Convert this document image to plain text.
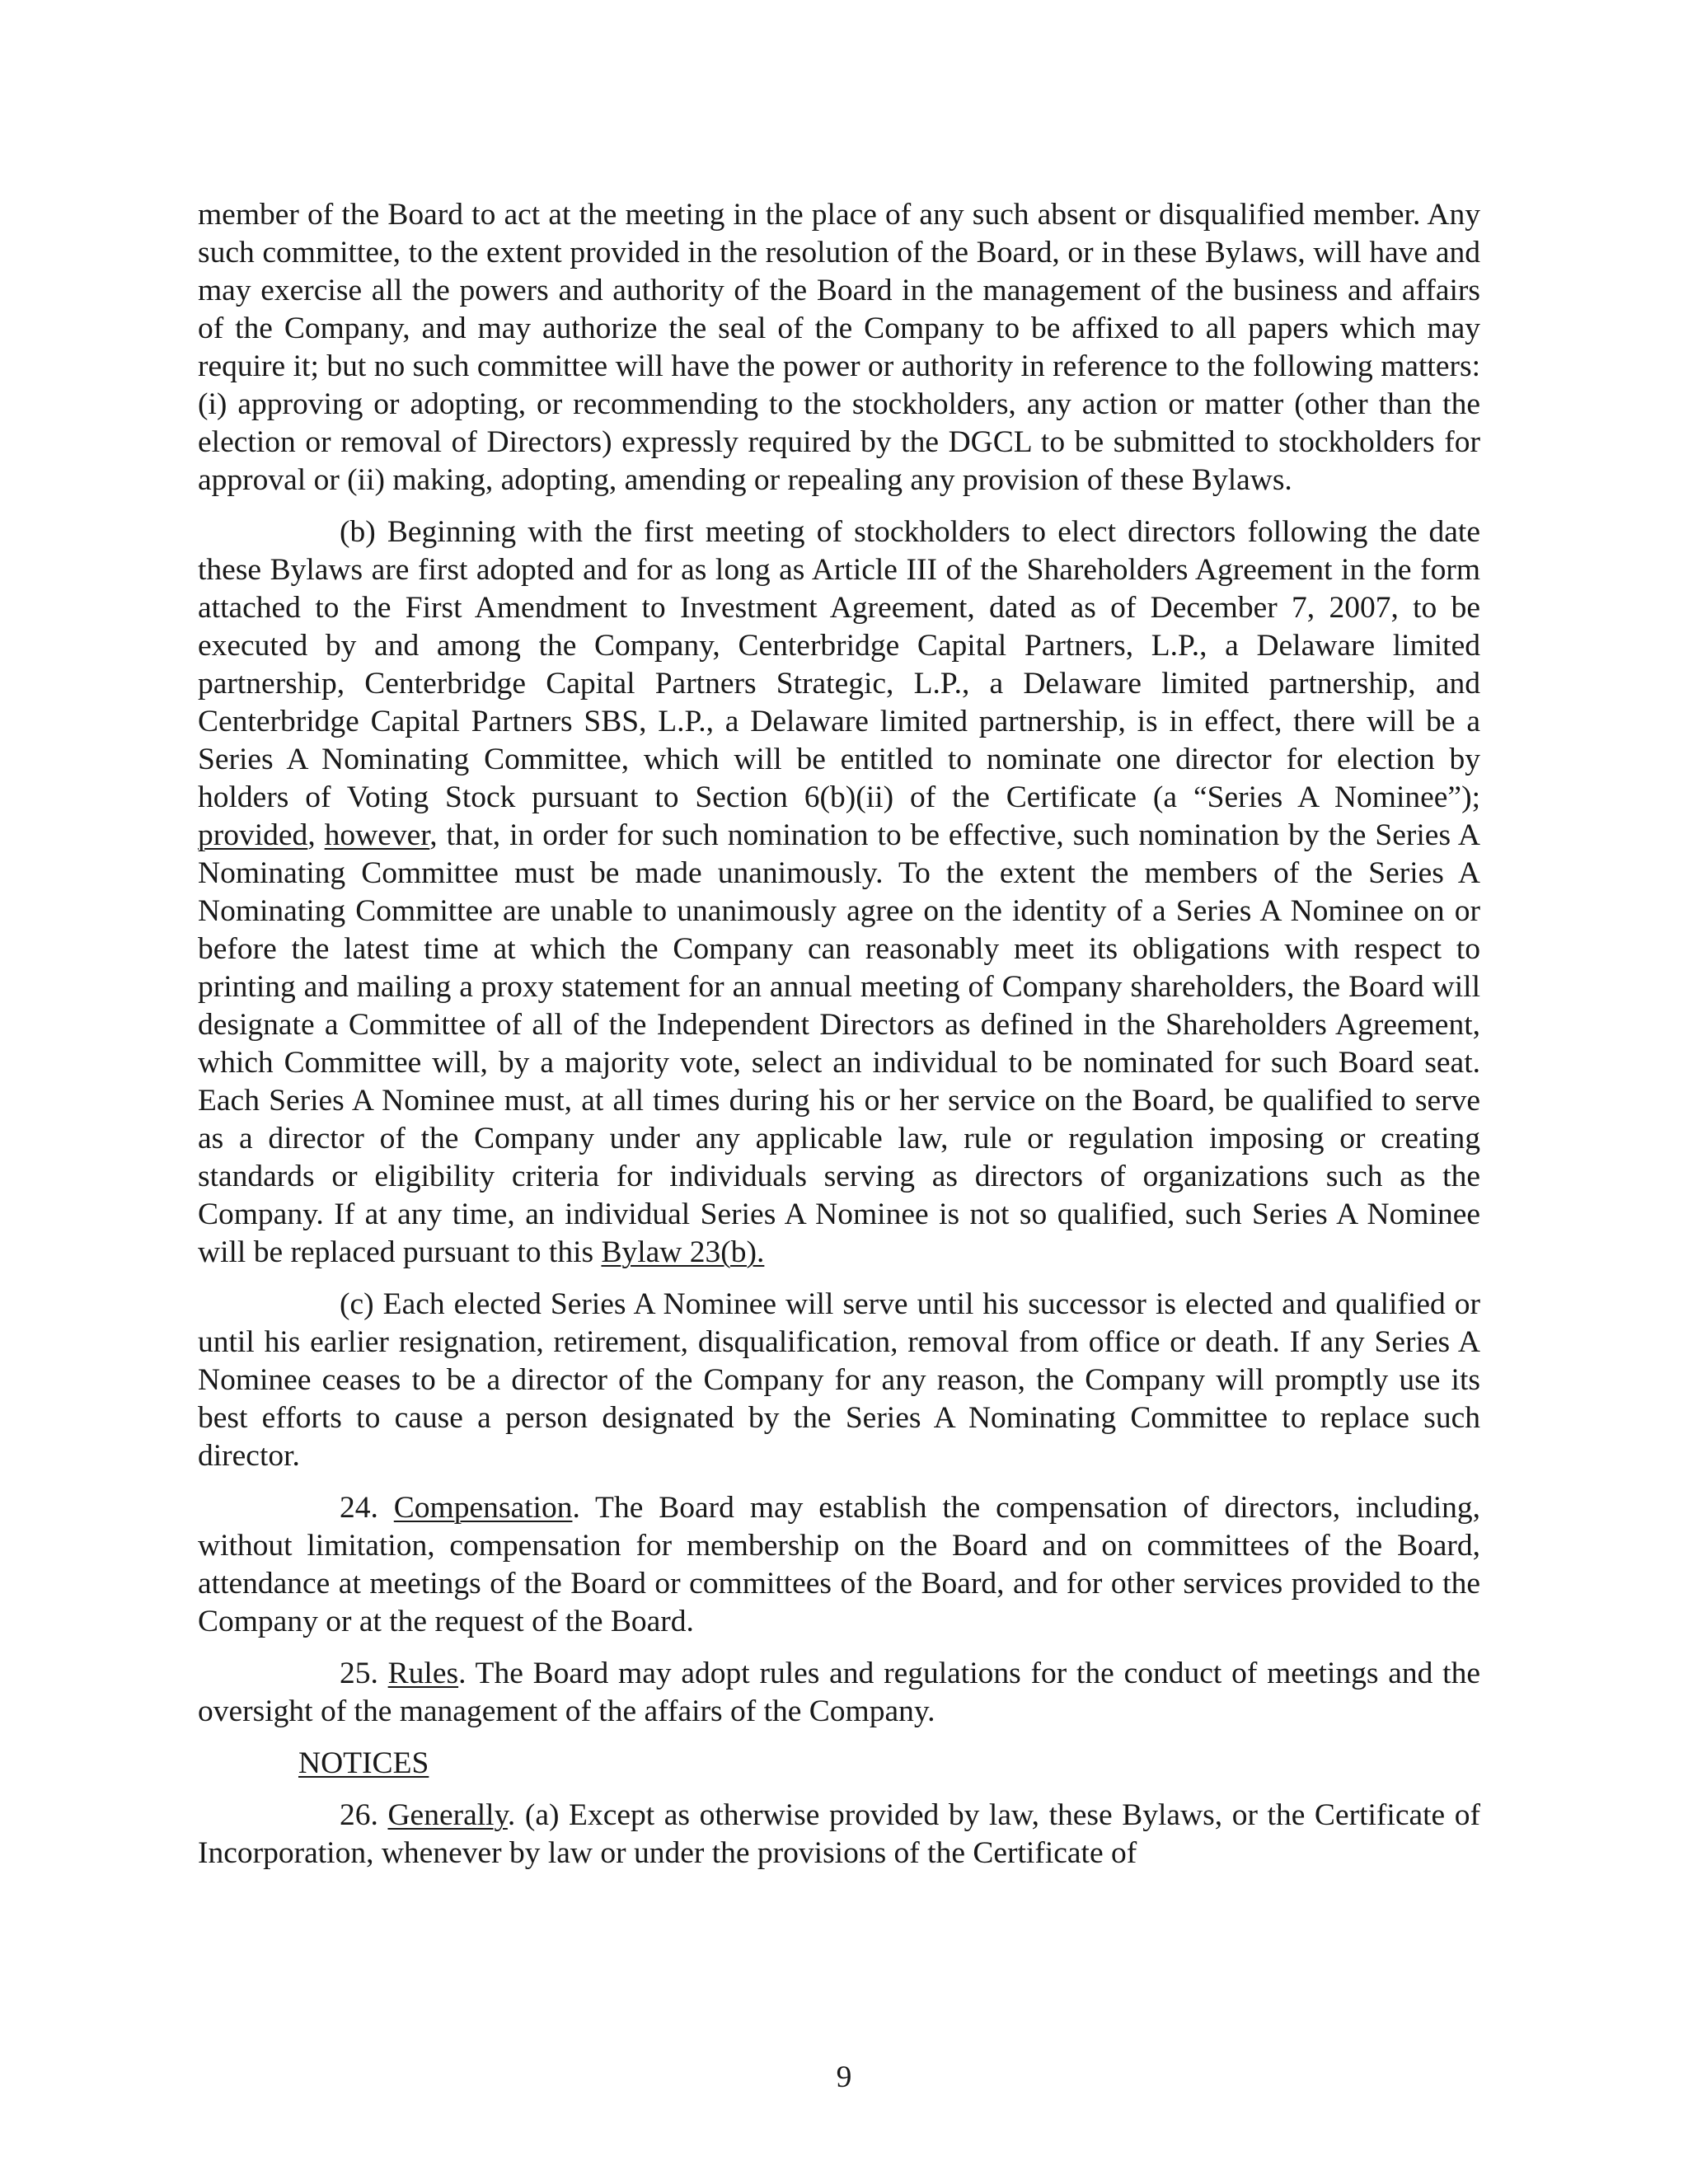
member of the Board to act at the meeting in the place of any such absent or disqualified member. Any such committee, to the extent provided in the resolution of the Board, or in these Bylaws, will have and may exercise all the powers and authority of the Board in the management of the business and affairs of the Company, and may authorize the seal of the Company to be affixed to all papers which may require it; but no such committee will have the power or authority in reference to the following matters: (i) approving or adopting, or recommending to the stockholders, any action or matter (other than the election or removal of Directors) expressly required by the DGCL to be submitted to stockholders for approval or (ii) making, adopting, amending or repealing any provision of these Bylaws.

(b) Beginning with the first meeting of stockholders to elect directors following the date these Bylaws are first adopted and for as long as Article III of the Shareholders Agreement in the form attached to the First Amendment to Investment Agreement, dated as of December 7, 2007, to be executed by and among the Company, Centerbridge Capital Partners, L.P., a Delaware limited partnership, Centerbridge Capital Partners Strategic, L.P., a Delaware limited partnership, and Centerbridge Capital Partners SBS, L.P., a Delaware limited partnership, is in effect, there will be a Series A Nominating Committee, which will be entitled to nominate one director for election by holders of Voting Stock pursuant to Section 6(b)(ii) of the Certificate (a “Series A Nominee”); provided, however, that, in order for such nomination to be effective, such nomination by the Series A Nominating Committee must be made unanimously. To the extent the members of the Series A Nominating Committee are unable to unanimously agree on the identity of a Series A Nominee on or before the latest time at which the Company can reasonably meet its obligations with respect to printing and mailing a proxy statement for an annual meeting of Company shareholders, the Board will designate a Committee of all of the Independent Directors as defined in the Shareholders Agreement, which Committee will, by a majority vote, select an individual to be nominated for such Board seat. Each Series A Nominee must, at all times during his or her service on the Board, be qualified to serve as a director of the Company under any applicable law, rule or regulation imposing or creating standards or eligibility criteria for individuals serving as directors of organizations such as the Company. If at any time, an individual Series A Nominee is not so qualified, such Series A Nominee will be replaced pursuant to this Bylaw 23(b).

(c) Each elected Series A Nominee will serve until his successor is elected and qualified or until his earlier resignation, retirement, disqualification, removal from office or death. If any Series A Nominee ceases to be a director of the Company for any reason, the Company will promptly use its best efforts to cause a person designated by the Series A Nominating Committee to replace such director.

24. Compensation. The Board may establish the compensation of directors, including, without limitation, compensation for membership on the Board and on committees of the Board, attendance at meetings of the Board or committees of the Board, and for other services provided to the Company or at the request of the Board.

25. Rules. The Board may adopt rules and regulations for the conduct of meetings and the oversight of the management of the affairs of the Company.

NOTICES

26. Generally. (a) Except as otherwise provided by law, these Bylaws, or the Certificate of Incorporation, whenever by law or under the provisions of the Certificate of

9
